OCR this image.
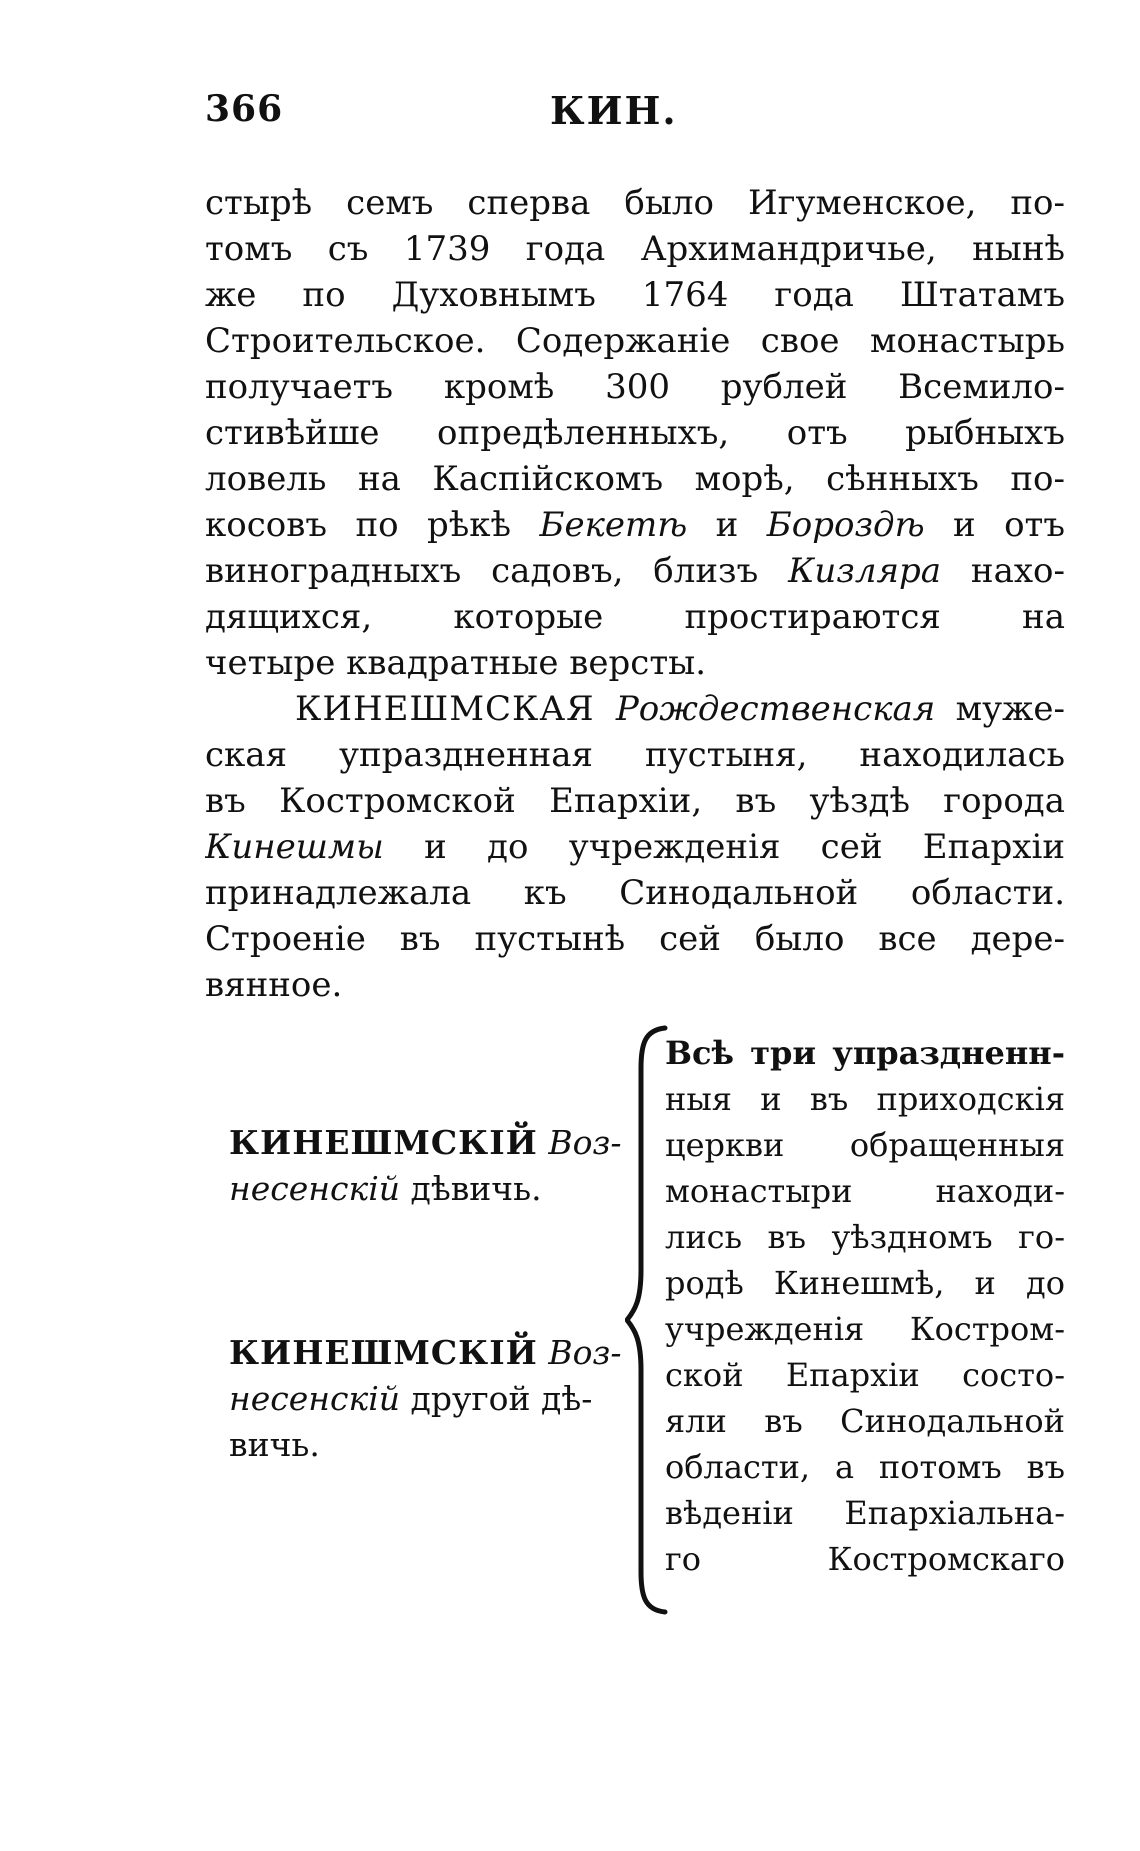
366	КИН.
стырѣ семъ сперва было Игуменское, по-
томъ съ 1739 года Архимандричье, нынѣ
же по Духовнымъ 1764 года Штатамъ
Строительское. Содержаніе свое монастырь
получаетъ кромѣ 300 рублей Всемило-
стивѣйше опредѣленныхъ, отъ рыбныхъ
ловель на Каспійскомъ морѣ, сѣнныхъ по-
косовъ по рѣкѣ Бекетѣ и Бороздѣ и отъ
виноградныхъ садовъ, близъ Кизляра нахо-
дящихся, которые простираются на
четыре квадратные версты.
КИНЕШМСКАЯ Рождественская муже-
ская упраздненная пустыня, находилась
въ Костромской Епархіи, въ уѣздѣ города
Кинешмы и до учрежденія сей Епархіи
принадлежала къ Синодальной области.
Строеніе въ пустынѣ сей было все дере-
вянное.
КИНЕШМСКІЙ Воз-
несенскій дѣвичь.
КИНЕШМСКІЙ Воз-
несенскій другой дѣ-
вичь.
Всѣ три упраздненн-
ныя и въ приходскія
церкви обращенныя
монастыри находи-
лись въ уѣздномъ го-
родѣ Кинешмѣ, и до
учрежденія Костром-
ской Епархіи состо-
яли въ Синодальной
области, а потомъ въ
вѣденіи Епархіальна-
го Костромскаго
